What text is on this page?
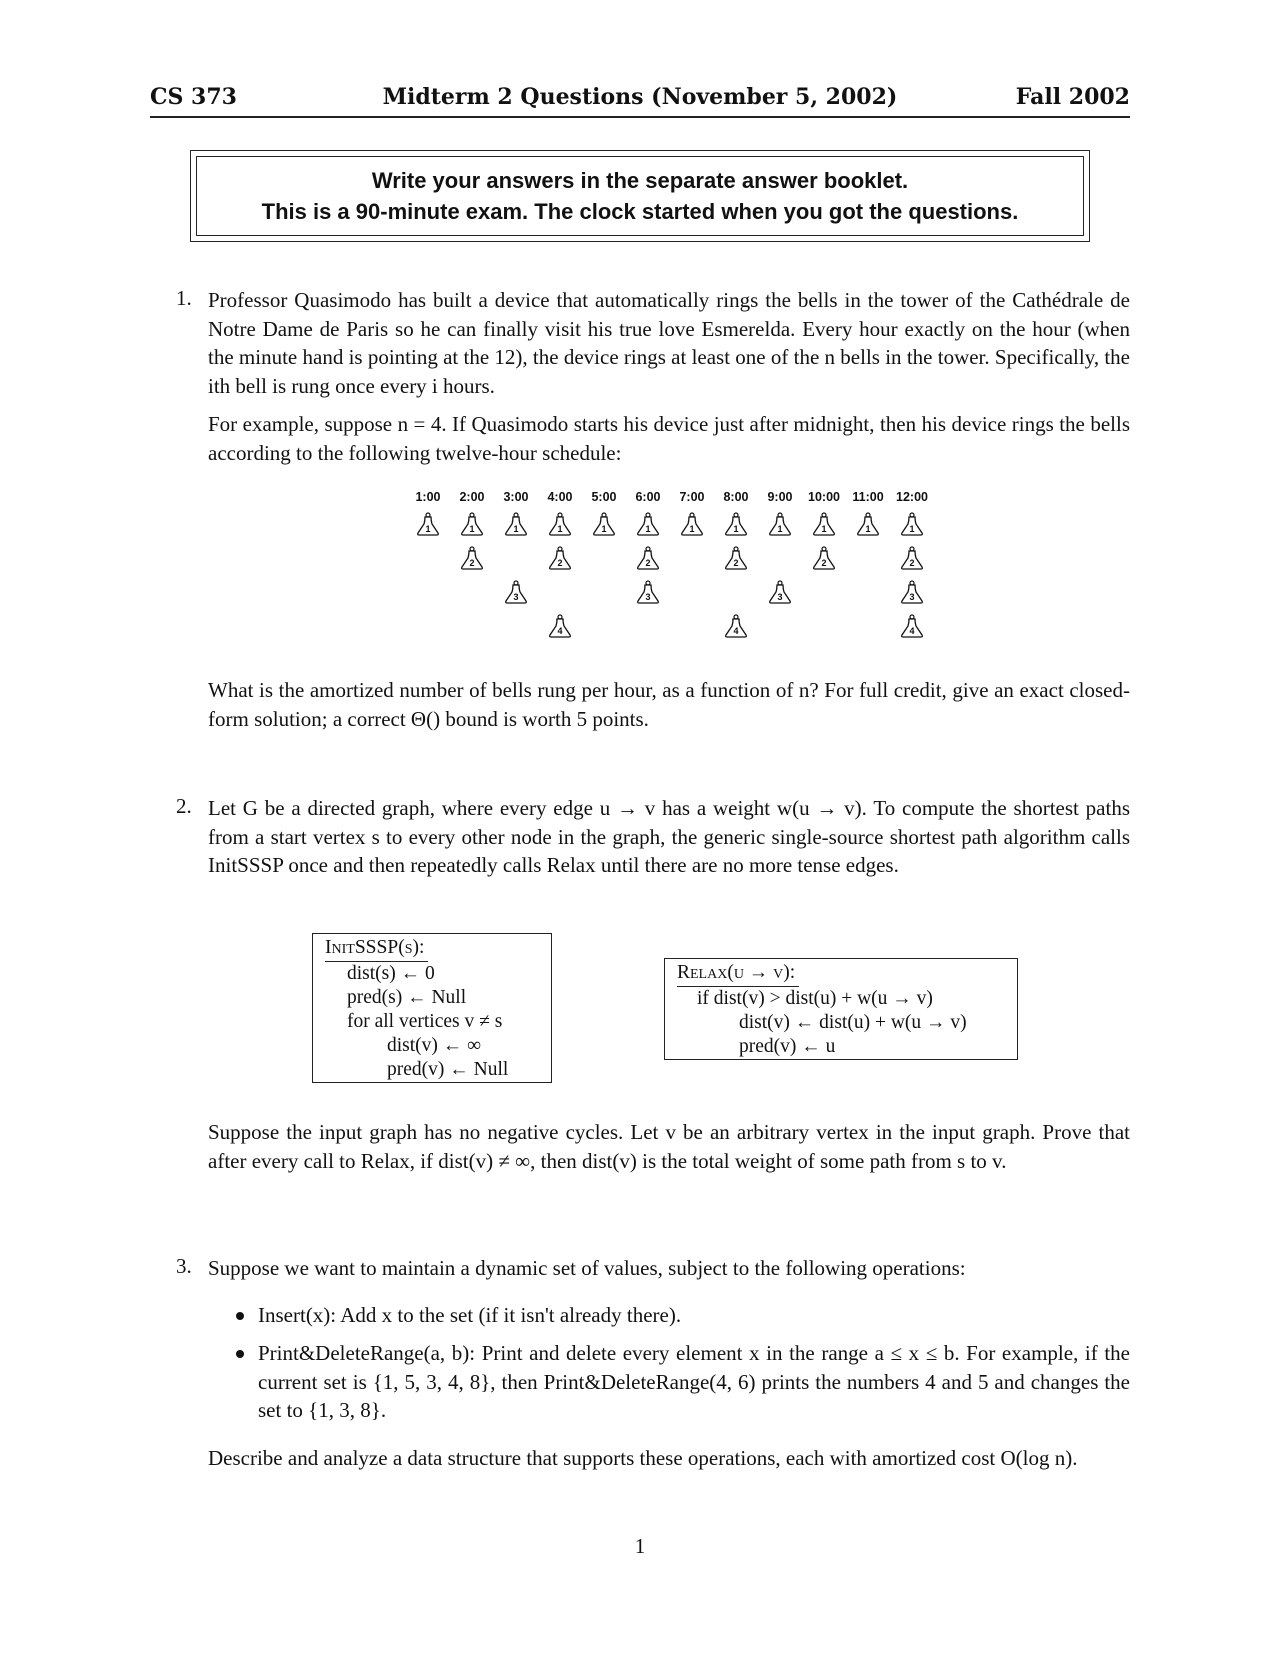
CS 373	Midterm 2 Questions (November 5, 2002)	Fall 2002
Write your answers in the separate answer booklet.
This is a 90-minute exam. The clock started when you got the questions.
1. Professor Quasimodo has built a device that automatically rings the bells in the tower of the Cathédrale de Notre Dame de Paris so he can finally visit his true love Esmerelda. Every hour exactly on the hour (when the minute hand is pointing at the 12), the device rings at least one of the n bells in the tower. Specifically, the ith bell is rung once every i hours.
For example, suppose n = 4. If Quasimodo starts his device just after midnight, then his device rings the bells according to the following twelve-hour schedule:
1:00
1
2:00
1
2
3:00
1
3
4:00
1
2
4
5:00
1
6:00
1
2
3
7:00
1
8:00
1
2
4
9:00
1
3
10:00
1
2
11:00
1
12:00
1
2
3
4
What is the amortized number of bells rung per hour, as a function of n? For full credit, give an exact closed-form solution; a correct Θ() bound is worth 5 points.
2. Let G be a directed graph, where every edge u → v has a weight w(u → v). To compute the shortest paths from a start vertex s to every other node in the graph, the generic single-source shortest path algorithm calls InitSSSP once and then repeatedly calls Relax until there are no more tense edges.
InitSSSP(s):
dist(s) ← 0
pred(s) ← Null
for all vertices v ≠ s
dist(v) ← ∞
pred(v) ← Null
Relax(u → v):
if dist(v) > dist(u) + w(u → v)
dist(v) ← dist(u) + w(u → v)
pred(v) ← u
Suppose the input graph has no negative cycles. Let v be an arbitrary vertex in the input graph. Prove that after every call to Relax, if dist(v) ≠ ∞, then dist(v) is the total weight of some path from s to v.
3. Suppose we want to maintain a dynamic set of values, subject to the following operations:
Insert(x): Add x to the set (if it isn't already there).
Print&DeleteRange(a, b): Print and delete every element x in the range a ≤ x ≤ b. For example, if the current set is {1, 5, 3, 4, 8}, then Print&DeleteRange(4, 6) prints the numbers 4 and 5 and changes the set to {1, 3, 8}.
Describe and analyze a data structure that supports these operations, each with amortized cost O(log n).
1
